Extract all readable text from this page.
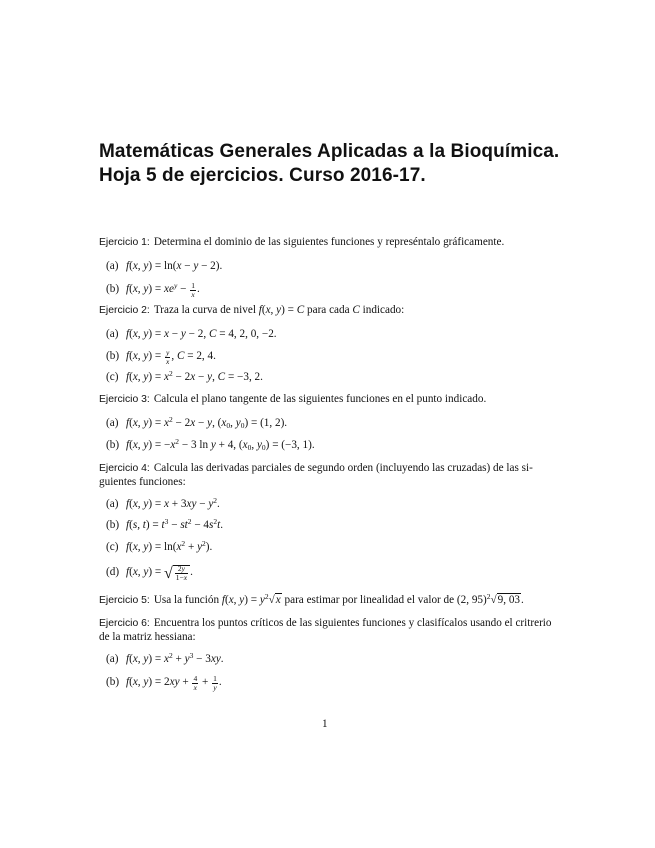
Matemáticas Generales Aplicadas a la Bioquímica.
Hoja 5 de ejercicios. Curso 2016-17.
Ejercicio 1: Determina el dominio de las siguientes funciones y represéntalo gráficamente.
(a) f(x, y) = ln(x − y − 2).
(b) f(x, $y) = xe^y - \frac{1}{x}$ .
Ejercicio 2: Traza la curva de nivel f(x, y) = C para cada C indicado:
(a) f(x, y) = x − y − 2, C = 4, 2, 0, −2.
(b) f(x, $y) = \frac{y}{x}$ , C = 2, 4.
(c) f(x, $y) = x^2 - 2x - y$, C = −3, 2.
Ejercicio 3: Calcula el plano tangente de las siguientes funciones en el punto indicado.
(a) f(x, $y) = x^2 - 2x - y$, ($x_0$, $y_0) = (1$, 2).
(b) f(x, $y) = -x^2 - 3$ ln y + 4, ($x_0$, $y_0) = (-3$, 1).
Ejercicio 4: Calcula las derivadas parciales de segundo orden (incluyendo las cruzadas) de las si-
guientes funciones:
(a) f(x, $y) = x + 3xy - y^2$.
(b) f(s, $t) = t^3 - st^2 - 4s^2t$.
(c) f(x, $y) = \ln(x^2 + y^2)$.
(d) f(x, y) = √ $\frac{2y}{1-x}$ .
Ejercicio 5: Usa la función f(x, $y) = y^2√x$ para estimar por linealidad el valor de (2, 95)$^2$√9, 03.
Ejercicio 6: Encuentra los puntos críticos de las siguientes funciones y clasifícalos usando el critrerio
de la matriz hessiana:
(a) f(x, $y) = x^2 + y^3 - 3xy$.
(b) f(x, $y) = 2xy + \frac{4}{x} + \frac{1}{y}$ .
1
